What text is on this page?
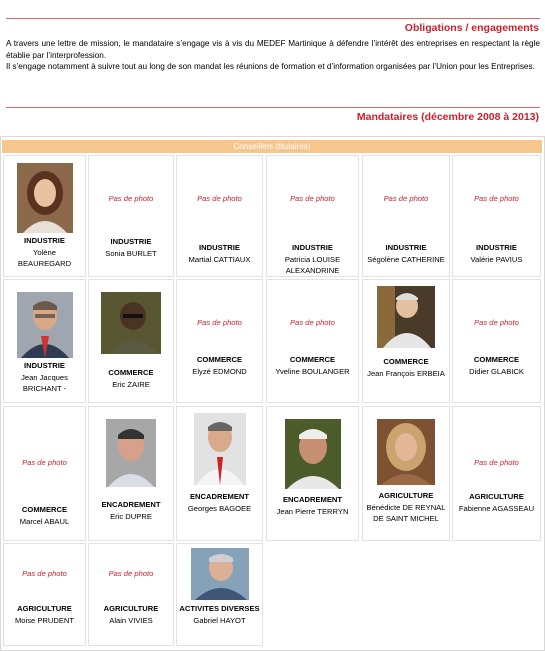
Obligations / engagements

A travers une lettre de mission, le mandataire s’engage vis à vis du MEDEF Martinique à défendre l’intérêt des entreprises en respectant la règle établie par l’interprofession.

Il s’engage notamment à suivre tout au long de son mandat les réunions de formation et d’information organisées par l’Union pour les Entreprises.

Mandataires (décembre 2008 à 2013)
Conseillers (titulaires)
INDUSTRIE
Yolène BEAUREGARD
Pas de photo
INDUSTRIE
Sonia BURLET
Pas de photo
INDUSTRIE
Martial CATTIAUX
Pas de photo
INDUSTRIE
Patricia LOUISE ALEXANDRINE
Pas de photo
INDUSTRIE
Ségolène CATHERINE
Pas de photo
INDUSTRIE
Valérie PAVIUS
INDUSTRIE
Jean Jacques BRICHANT -
COMMERCE
Eric ZAIRE
Pas de photo
COMMERCE
Elyzé EDMOND
Pas de photo
COMMERCE
Yveline BOULANGER
COMMERCE
Jean François ERBEIA
Pas de photo
COMMERCE
Didier GLABICK
Pas de photo
COMMERCE
Marcel ABAUL
ENCADREMENT
Eric DUPRE
ENCADREMENT
Georges BAGOEE
ENCADREMENT
Jean Pierre TERRYN
AGRICULTURE
Bénédicte DE REYNAL DE SAINT MICHEL
Pas de photo
AGRICULTURE
Fabienne AGASSEAU
Pas de photo
AGRICULTURE
Moise PRUDENT
Pas de photo
AGRICULTURE
Alain VIVIES
ACTIVITES DIVERSES
Gabriel HAYOT
